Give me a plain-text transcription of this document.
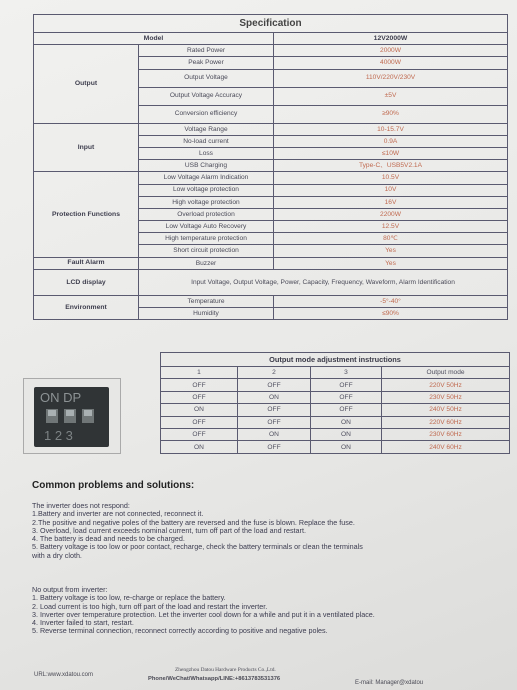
Specification		
Model		12V2000W
Output	Rated Power	2000W
	Peak Power	4000W
	Output Voltage	110V/220V/230V
	Output Voltage Accuracy	±5V
	Conversion efficiency	≥90%
Input	Voltage Range	10-15.7V
	No-load current	0.9A
	Loss	≤10W
	USB Charging	Type-C、USB5V2.1A
Protection Functions	Low Voltage Alarm Indication	10.5V
	Low voltage protection	10V
	High voltage protection	16V
	Overload protection	2200W
	Low Voltage Auto Recovery	12.5V
	High temperature protection	80℃
	Short circuit protection	Yes
Fault Alarm	Buzzer	Yes
LCD display	Input Voltage, Output Voltage, Power, Capacity, Frequency, Waveform, Alarm Identification	
Environment	Temperature	-5°-40°
	Humidity	≤90%
	Output mode adjustment instructions			
	1	2	3	Output mode
	OFF	OFF	OFF	220V 50Hz
	OFF	ON	OFF	230V 50Hz
	ON	OFF	OFF	240V 50Hz
	OFF	OFF	ON	220V 60Hz
	OFF	ON	ON	230V 60Hz
	ON	OFF	ON	240V 60Hz
ON DP
1 2 3
Common problems and solutions:

The inverter does not respond:

1.Battery and inverter are not connected, reconnect it.

2.The positive and negative poles of the battery are reversed and the fuse is blown. Replace the fuse.

3. Overload, load current exceeds nominal current, turn off part of the load and restart.

4. The battery is dead and needs to be charged.

5. Battery voltage is too low or poor contact, recharge, check the battery terminals or clean the terminals

with a dry cloth.

No output from inverter:

1. Battery voltage is too low, re-charge or replace the battery.

2. Load current is too high, turn off part of the load and restart the inverter.

3. Inverter over temperature protection. Let the inverter cool down for a while and put it in a ventilated place.

4. Inverter failed to start, restart.

5. Reverse terminal connection, reconnect correctly according to positive and negative poles.

URL:www.xdatou.com
Zhengzhou Datou Hardware Products Co.,Ltd.
Phone/WeChat/Whatsapp/LINE:+8613783531376
E-mail: Manager@xdatou
